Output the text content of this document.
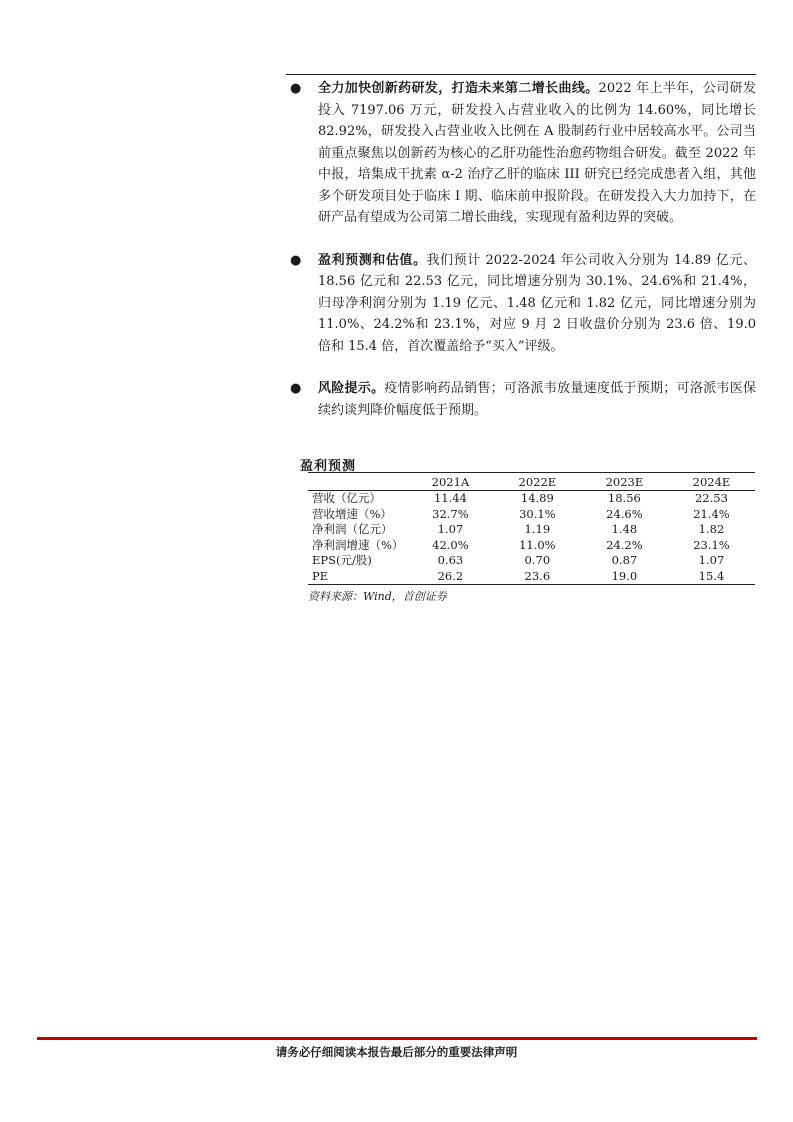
● 全力加快创新药研发，打造未来第二增长曲线。2022 年上半年，公司研发投入 7197.06 万元，研发投入占营业收入的比例为 14.60%，同比增长 82.92%，研发投入占营业收入比例在 A 股制药行业中居较高水平。公司当前重点聚焦以创新药为核心的乙肝功能性治愈药物组合研发。截至 2022 年中报，培集成干扰素 α-2 治疗乙肝的临床 III 研究已经完成患者入组，其他多个研发项目处于临床 I 期、临床前申报阶段。在研发投入大力加持下，在研产品有望成为公司第二增长曲线，实现现有盈利边界的突破。
● 盈利预测和估值。我们预计 2022-2024 年公司收入分别为 14.89 亿元、18.56 亿元和 22.53 亿元，同比增速分别为 30.1%、24.6%和 21.4%，归母净利润分别为 1.19 亿元、1.48 亿元和 1.82 亿元，同比增速分别为 11.0%、24.2%和 23.1%，对应 9 月 2 日收盘价分别为 23.6 倍、19.0 倍和 15.4 倍，首次覆盖给予“买入”评级。
● 风险提示。疫情影响药品销售；可洛派韦放量速度低于预期；可洛派韦医保续约谈判降价幅度低于预期。
盈利预测
	2021A	2022E	2023E	2024E
营收（亿元）	11.44	14.89	18.56	22.53
营收增速（%）	32.7%	30.1%	24.6%	21.4%
净利润（亿元）	1.07	1.19	1.48	1.82
净利润增速（%）	42.0%	11.0%	24.2%	23.1%
EPS(元/股)	0.63	0.70	0.87	1.07
PE	26.2	23.6	19.0	15.4
资料来源：Wind，首创证券
请务必仔细阅读本报告最后部分的重要法律声明
